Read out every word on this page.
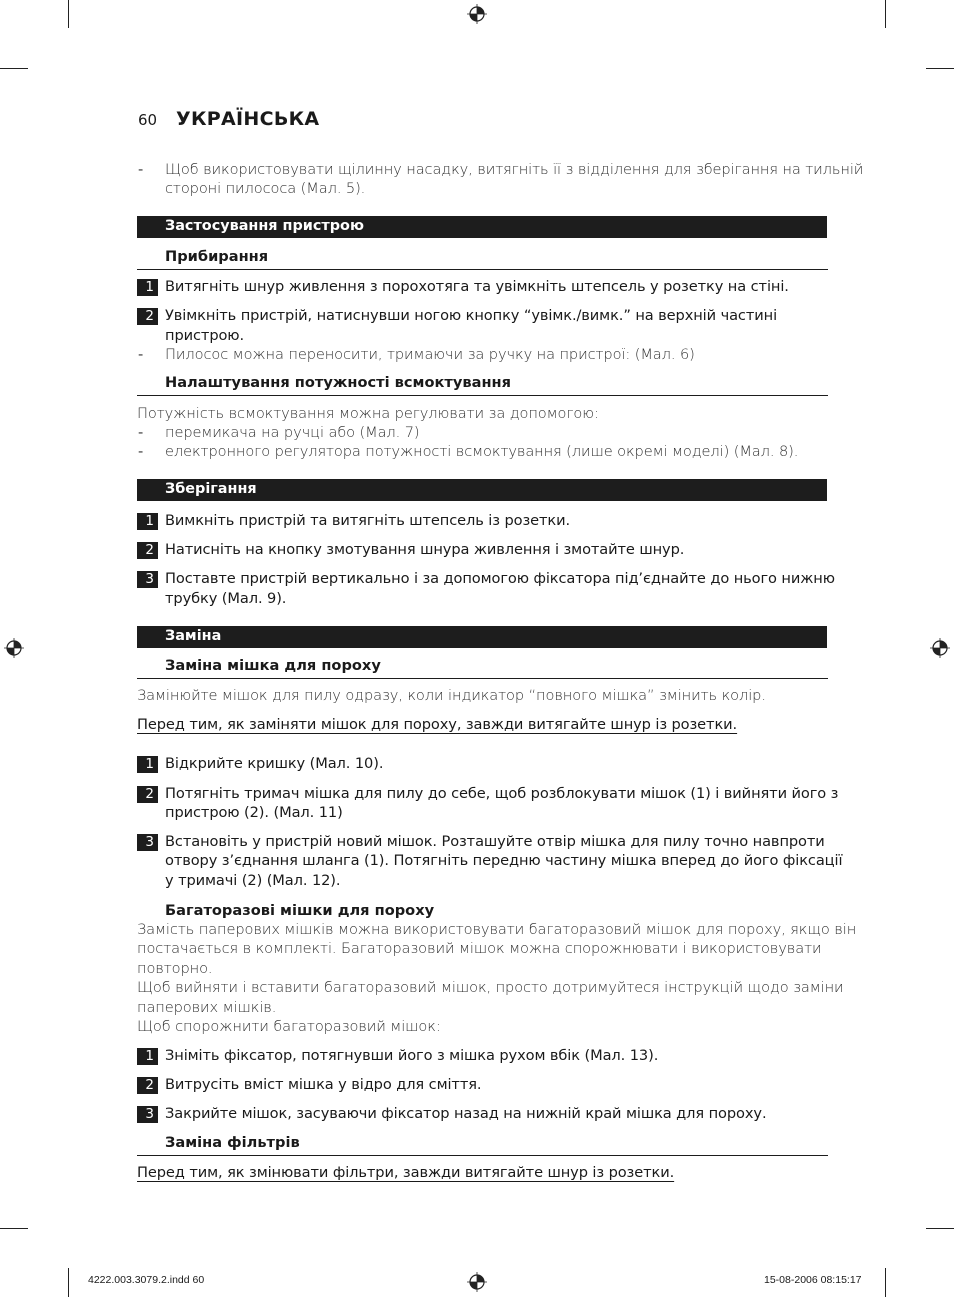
60 УКРАЇНСЬКА
- Щоб використовувати щілинну насадку, витягніть її з відділення для зберігання на тильній
стороні пилососа (Мал. 5).
Застосування пристрою
Прибирання
1 Витягніть шнур живлення з порохотяга та увімкніть штепсель у розетку на стіні.
2 Увімкніть пристрій, натиснувши ногою кнопку “увімк./вимк.” на верхній частині
пристрою.
- Пилосос можна переносити, тримаючи за ручку на пристрої: (Мал. 6)
Налаштування потужності всмоктування
Потужність всмоктування можна регулювати за допомогою:
- перемикача на ручці або (Мал. 7)
- електронного регулятора потужності всмоктування (лише окремі моделі) (Мал. 8).
Зберігання
1 Вимкніть пристрій та витягніть штепсель із розетки.
2 Натисніть на кнопку змотування шнура живлення і змотайте шнур.
3 Поставте пристрій вертикально і за допомогою фіксатора під’єднайте до нього нижню
трубку (Мал. 9).
Заміна
Заміна мішка для пороху
Замінюйте мішок для пилу одразу, коли індикатор “повного мішка” змінить колір.
Перед тим, як заміняти мішок для пороху, завжди витягайте шнур із розетки.
1 Відкрийте кришку (Мал. 10).
2 Потягніть тримач мішка для пилу до себе, щоб розблокувати мішок (1) і вийняти його з
пристрою (2). (Мал. 11)
3 Встановіть у пристрій новий мішок. Розташуйте отвір мішка для пилу точно навпроти
отвору з’єднання шланга (1). Потягніть передню частину мішка вперед до його фіксації
у тримачі (2) (Мал. 12).
Багаторазові мішки для пороху
Замість паперових мішків можна використовувати багаторазовий мішок для пороху, якщо він
постачається в комплекті. Багаторазовий мішок можна спорожнювати і використовувати
повторно.
Щоб вийняти і вставити багаторазовий мішок, просто дотримуйтеся інструкцій щодо заміни
паперових мішків.
Щоб спорожнити багаторазовий мішок:
1 Зніміть фіксатор, потягнувши його з мішка рухом вбік (Мал. 13).
2 Витрусіть вміст мішка у відро для сміття.
3 Закрийте мішок, засуваючи фіксатор назад на нижній край мішка для пороху.
Заміна фільтрів
Перед тим, як змінювати фільтри, завжди витягайте шнур із розетки.
4222.003.3079.2.indd 60	15-08-2006 08:15:17
